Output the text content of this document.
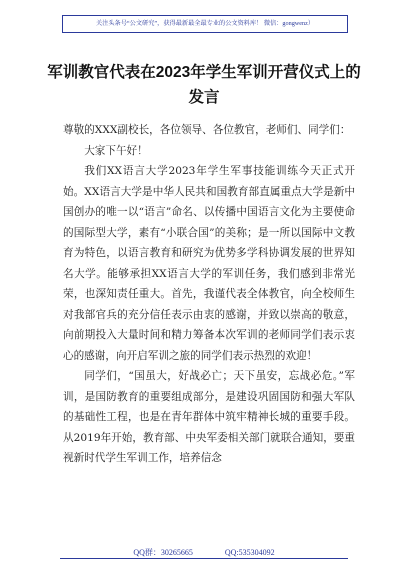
关注头条号“公文研究”，获得最新最全最专业的公文资料库！ 微信：gongwenz）
军训教官代表在2023年学生军训开营仪式上的发言

尊敬的XXX副校长，各位领导、各位教官，老师们、同学们：

大家下午好！

我们XX语言大学2023年学生军事技能训练今天正式开始。XX语言大学是中华人民共和国教育部直属重点大学是新中国创办的唯一以“语言”命名、以传播中国语言文化为主要使命的国际型大学，素有“小联合国”的美称；是一所以国际中文教育为特色，以语言教育和研究为优势多学科协调发展的世界知名大学。能够承担XX语言大学的军训任务，我们感到非常光荣，也深知责任重大。首先，我谨代表全体教官，向全校师生对我部官兵的充分信任表示由衷的感谢，并致以崇高的敬意，向前期投入大量时间和精力筹备本次军训的老师同学们表示衷心的感谢，向开启军训之旅的同学们表示热烈的欢迎！

同学们，“国虽大，好战必亡；天下虽安，忘战必危。”军训，是国防教育的重要组成部分，是建设巩固国防和强大军队的基础性工程，也是在青年群体中筑牢精神长城的重要手段。从2019年开始，教育部、中央军委相关部门就联合通知，要重视新时代学生军训工作，培养信念

QQ群：30265665	QQ:535304092
